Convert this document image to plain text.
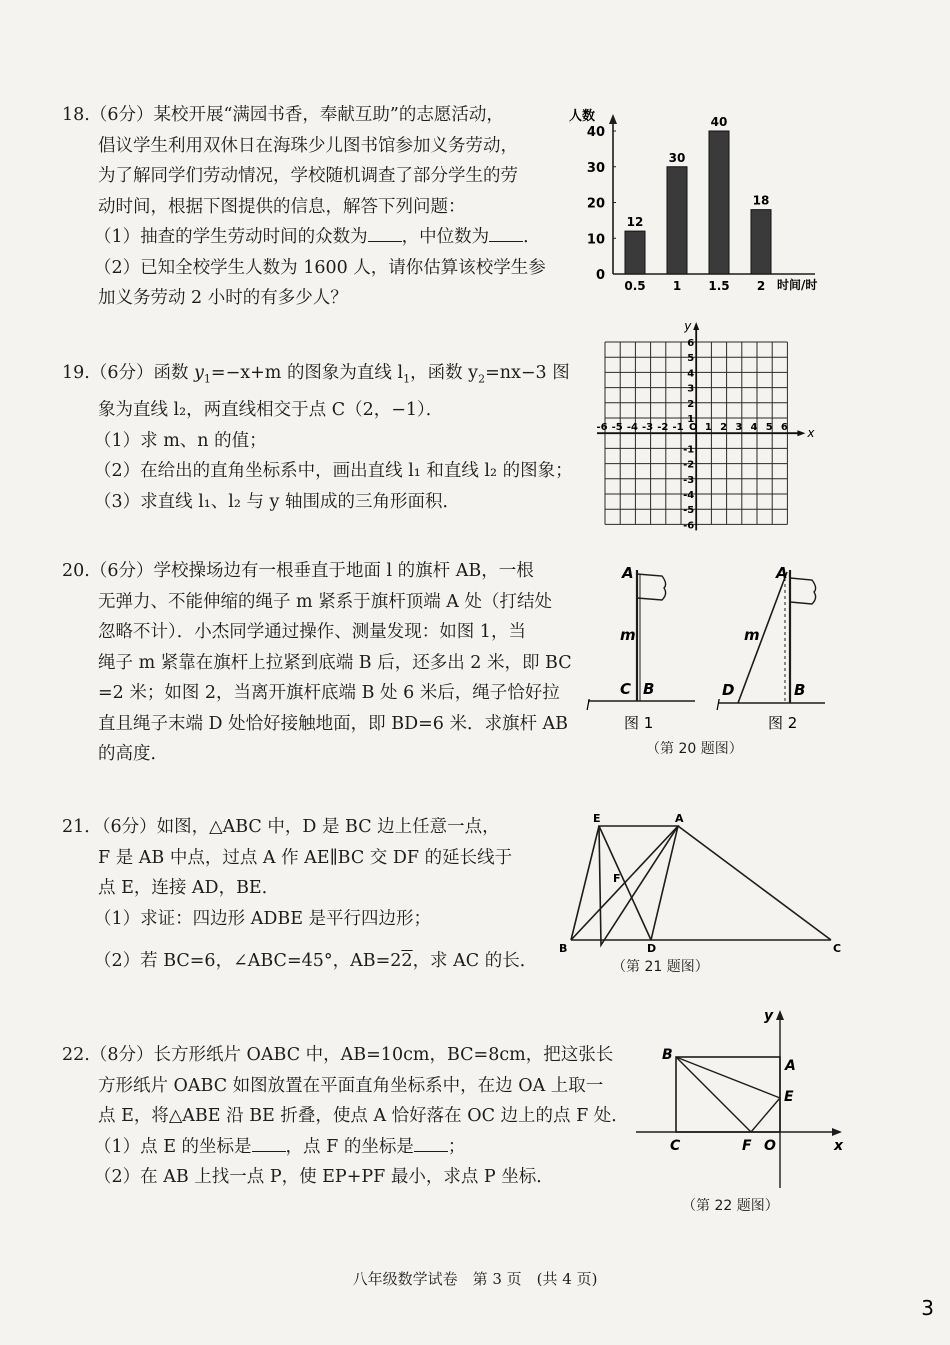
18.（6分）某校开展“满园书香，奉献互助”的志愿活动，

倡议学生利用双休日在海珠少儿图书馆参加义务劳动，

为了解同学们劳动情况，学校随机调查了部分学生的劳

动时间，根据下图提供的信息，解答下列问题：

（1）抽查的学生劳动时间的众数为 ，中位数为 ．

（2）已知全校学生人数为 1600 人，请你估算该校学生参

加义务劳动 2 小时的有多少人？

人数
时间/时
0
10
20
30
40
12
0.5
30
1
40
1.5
18
2

19.（6分）函数 $y_1=-x+m$ 的图象为直线 $l_1$，函数 $y_2=nx-3$ 图

象为直线 l₂，两直线相交于点 C（2，−1）．

（1）求 m、n 的值；

（2）在给出的直角坐标系中，画出直线 l₁ 和直线 l₂ 的图象；

（3）求直线 l₁、l₂ 与 y 轴围成的三角形面积．

-6 -5 -4 -3 -2 -1 O 1 2 3 4 5 6
6
5
4
3
2
1
-1
-2
-3
-4
-5
-6
x
y

20.（6分）学校操场边有一根垂直于地面 l 的旗杆 AB，一根

无弹力、不能伸缩的绳子 m 紧系于旗杆顶端 A 处（打结处

忽略不计）．小杰同学通过操作、测量发现：如图 1，当

绳子 m 紧靠在旗杆上拉紧到底端 B 后，还多出 2 米，即 BC

=2 米；如图 2，当离开旗杆底端 B 处 6 米后，绳子恰好拉

直且绳子末端 D 处恰好接触地面，即 BD=6 米．求旗杆 AB

的高度．

A
m
C B
l
图 1
A
m
D	B
l
图 2
（第 20 题图）

21．（6分）如图，△ABC 中，D 是 BC 边上任意一点，

F 是 AB 中点，过点 A 作 AE∥BC 交 DF 的延长线于

点 E，连接 AD，BE．

（1）求证：四边形 ADBE 是平行四边形；

（2）若 BC=6，∠ABC=45°，AB=22，求 AC 的长．

E	A
F
B	D	C
（第 21 题图）

22.（8分）长方形纸片 OABC 中，AB=10cm，BC=8cm，把这张长

方形纸片 OABC 如图放置在平面直角坐标系中，在边 OA 上取一

点 E，将△ABE 沿 BE 折叠，使点 A 恰好落在 OC 边上的点 F 处．

（1）点 E 的坐标是 ，点 F 的坐标是 ；

（2）在 AB 上找一点 P，使 EP+PF 最小，求点 P 坐标．

B
A
E
C	F O	x
y
（第 22 题图）
八年级数学试卷　第 3 页　(共 4 页)
3
